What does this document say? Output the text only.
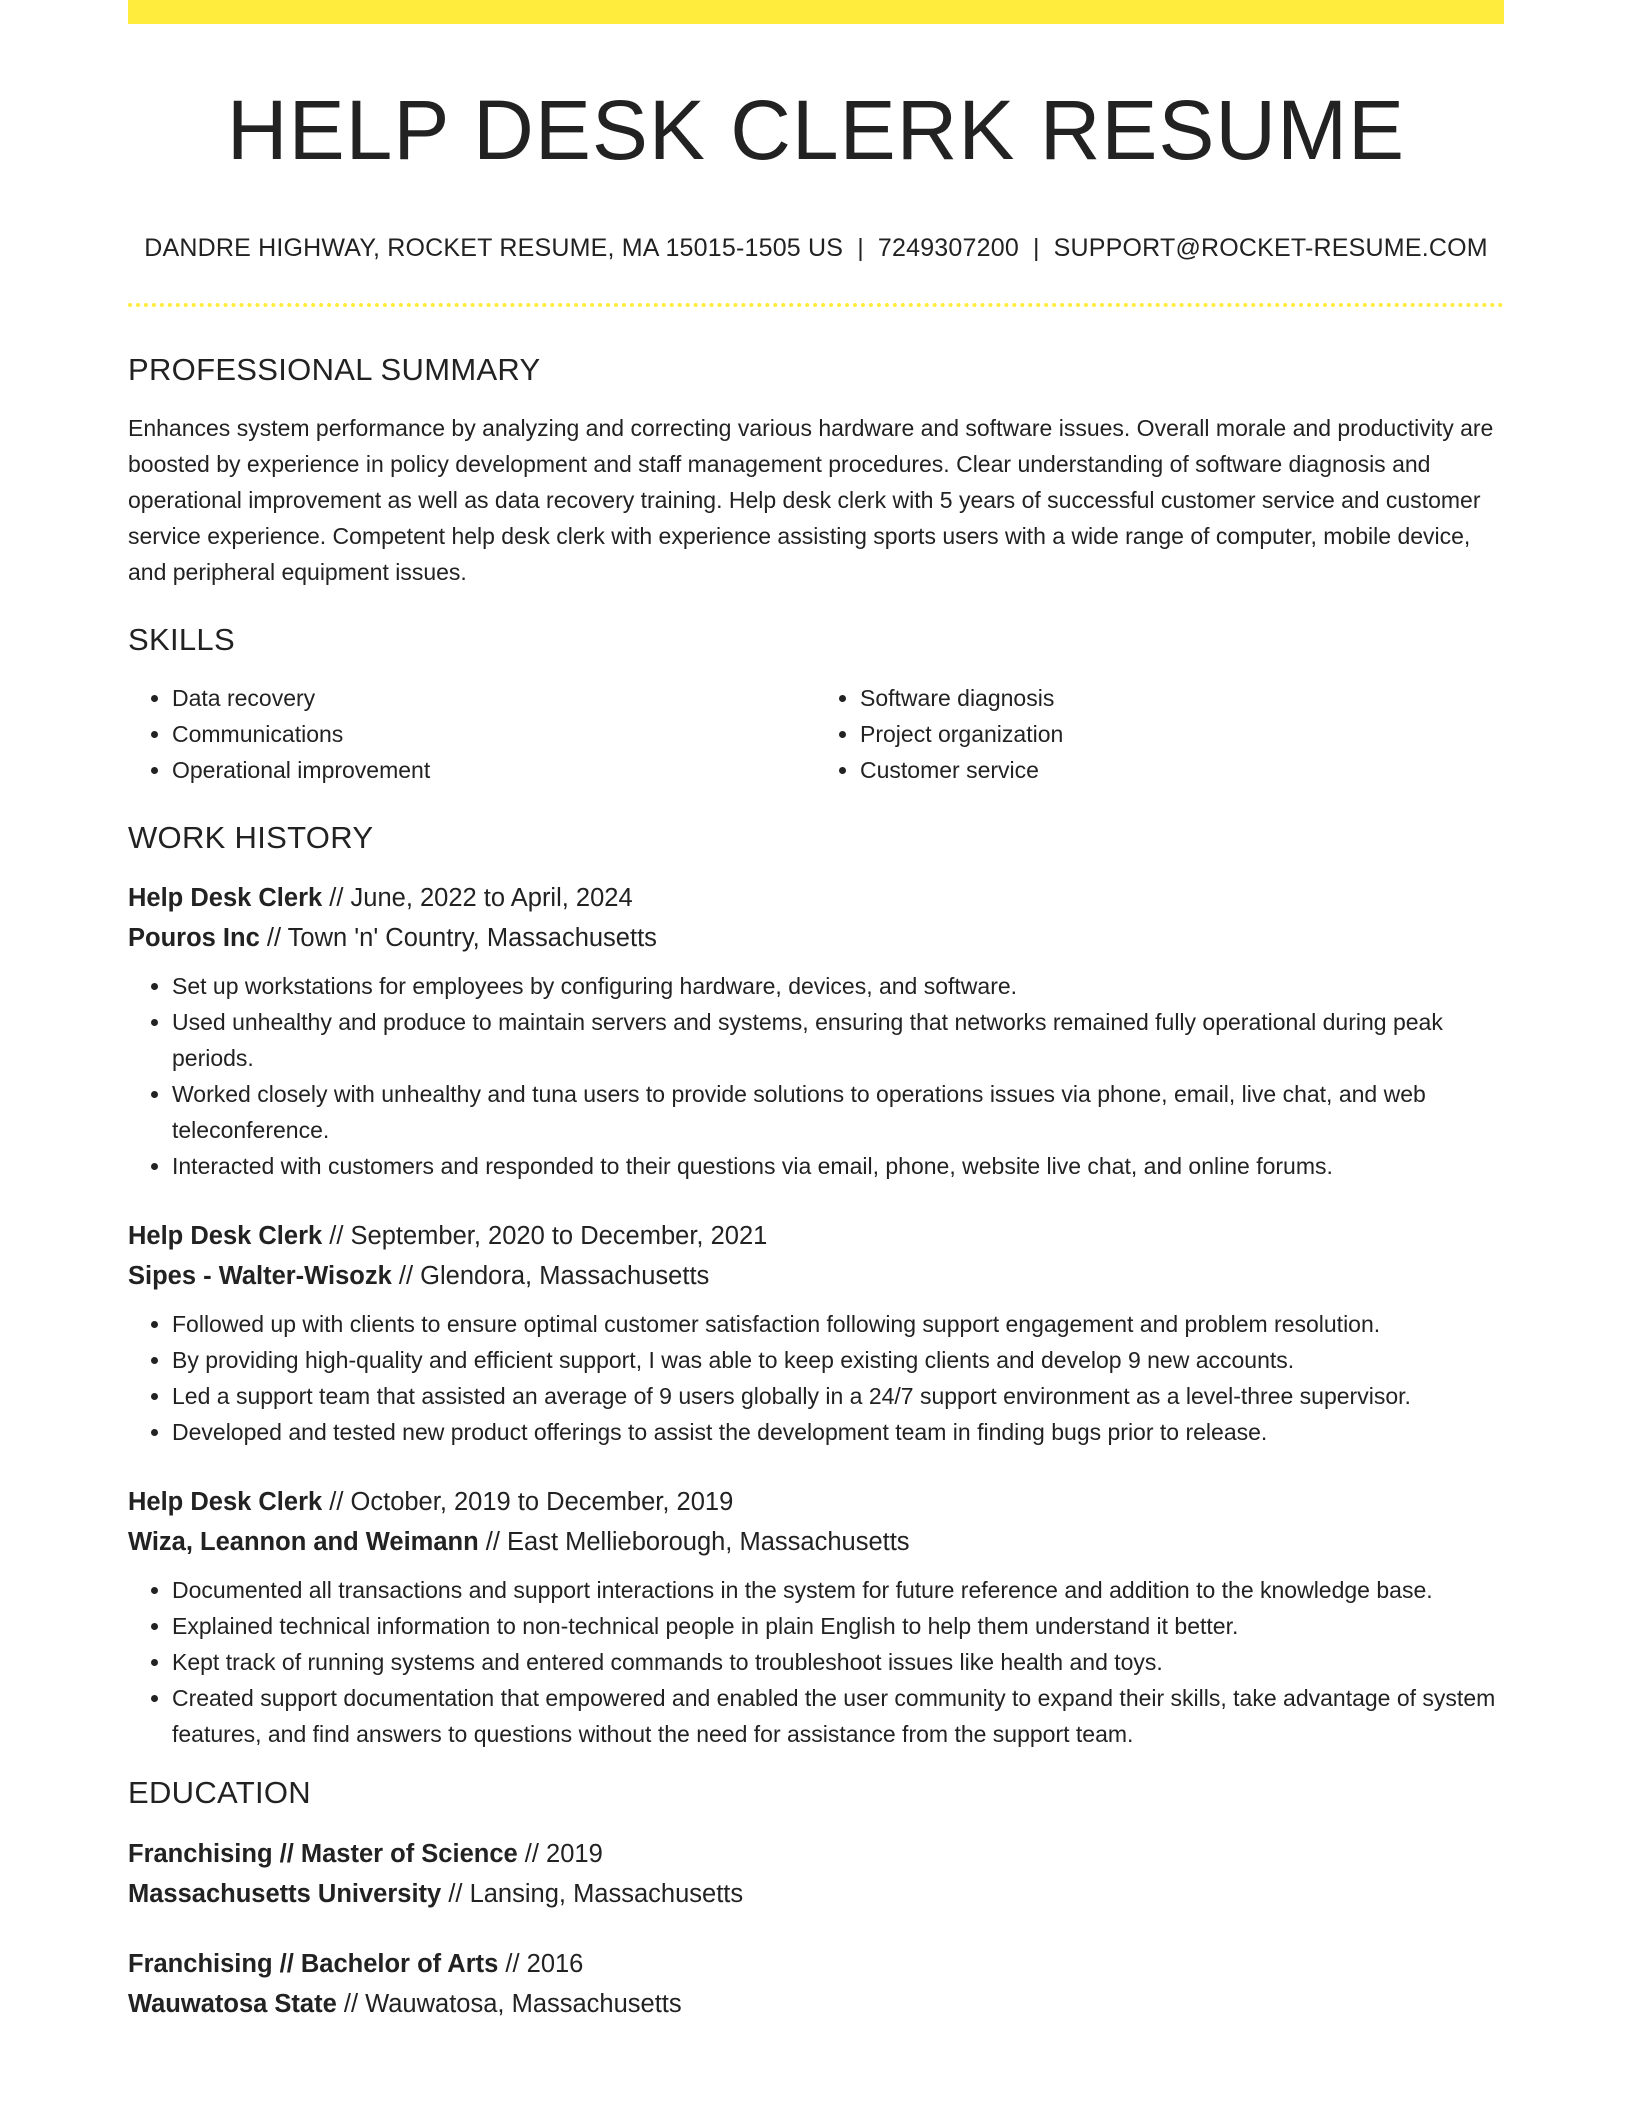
HELP DESK CLERK RESUME
DANDRE HIGHWAY, ROCKET RESUME, MA 15015-1505 US | 7249307200 | SUPPORT@ROCKET-RESUME.COM
PROFESSIONAL SUMMARY

Enhances system performance by analyzing and correcting various hardware and software issues. Overall morale and productivity are boosted by experience in policy development and staff management procedures. Clear understanding of software diagnosis and operational improvement as well as data recovery training. Help desk clerk with 5 years of successful customer service and customer service experience. Competent help desk clerk with experience assisting sports users with a wide range of computer, mobile device, and peripheral equipment issues.

SKILLS
• Data recovery
• Communications
• Operational improvement
• Software diagnosis
• Project organization
• Customer service
WORK HISTORY
Help Desk Clerk // June, 2022 to April, 2024
Pouros Inc // Town 'n' Country, Massachusetts
• Set up workstations for employees by configuring hardware, devices, and software.
• Used unhealthy and produce to maintain servers and systems, ensuring that networks remained fully operational during peak periods.
• Worked closely with unhealthy and tuna users to provide solutions to operations issues via phone, email, live chat, and web teleconference.
• Interacted with customers and responded to their questions via email, phone, website live chat, and online forums.
Help Desk Clerk // September, 2020 to December, 2021
Sipes - Walter-Wisozk // Glendora, Massachusetts
• Followed up with clients to ensure optimal customer satisfaction following support engagement and problem resolution.
• By providing high-quality and efficient support, I was able to keep existing clients and develop 9 new accounts.
• Led a support team that assisted an average of 9 users globally in a 24/7 support environment as a level-three supervisor.
• Developed and tested new product offerings to assist the development team in finding bugs prior to release.
Help Desk Clerk // October, 2019 to December, 2019
Wiza, Leannon and Weimann // East Mellieborough, Massachusetts
• Documented all transactions and support interactions in the system for future reference and addition to the knowledge base.
• Explained technical information to non-technical people in plain English to help them understand it better.
• Kept track of running systems and entered commands to troubleshoot issues like health and toys.
• Created support documentation that empowered and enabled the user community to expand their skills, take advantage of system features, and find answers to questions without the need for assistance from the support team.
EDUCATION
Franchising // Master of Science // 2019
Massachusetts University // Lansing, Massachusetts
Franchising // Bachelor of Arts // 2016
Wauwatosa State // Wauwatosa, Massachusetts
